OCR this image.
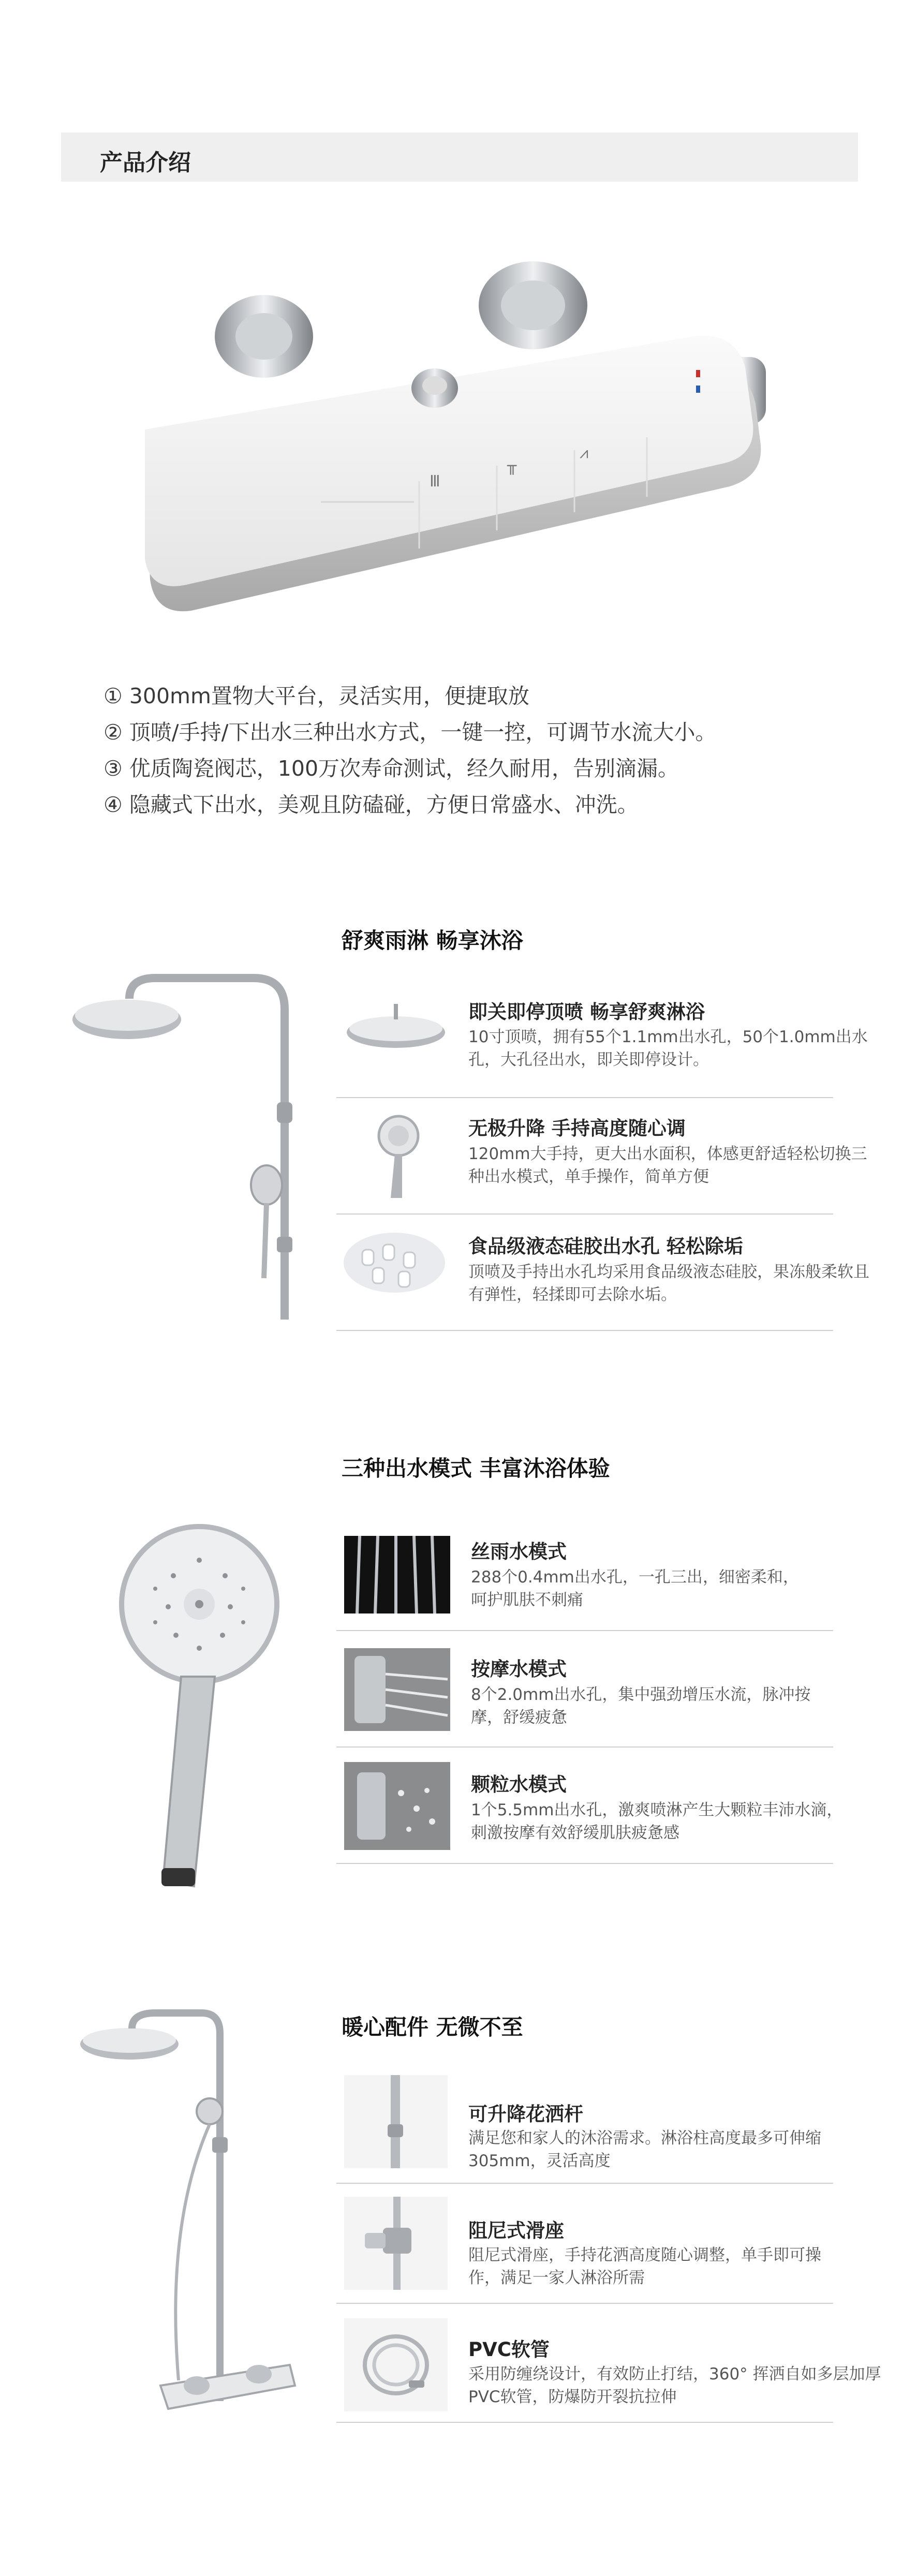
产品介绍
Ⅲ
╥
⩘
① 300mm置物大平台，灵活实用，便捷取放
② 顶喷/手持/下出水三种出水方式，一键一控，可调节水流大小。
③ 优质陶瓷阀芯，100万次寿命测试，经久耐用，告别滴漏。
④ 隐藏式下出水，美观且防磕碰，方便日常盛水、冲洗。
舒爽雨淋 畅享沐浴
即关即停顶喷 畅享舒爽淋浴
10寸顶喷，拥有55个1.1mm出水孔，50个1.0mm出水孔，大孔径出水，即关即停设计。
无极升降 手持高度随心调
120mm大手持，更大出水面积，体感更舒适轻松切换三种出水模式，单手操作，简单方便
食品级液态硅胶出水孔 轻松除垢
顶喷及手持出水孔均采用食品级液态硅胶，果冻般柔软且有弹性，轻揉即可去除水垢。
三种出水模式 丰富沐浴体验
丝雨水模式
288个0.4mm出水孔，一孔三出，细密柔和，呵护肌肤不刺痛
按摩水模式
8个2.0mm出水孔，集中强劲增压水流，脉冲按摩，舒缓疲惫
颗粒水模式
1个5.5mm出水孔，激爽喷淋产生大颗粒丰沛水滴，刺激按摩有效舒缓肌肤疲惫感
暖心配件 无微不至
可升降花洒杆
满足您和家人的沐浴需求。淋浴柱高度最多可伸缩305mm，灵活高度
阻尼式滑座
阻尼式滑座，手持花洒高度随心调整，单手即可操作，满足一家人淋浴所需
PVC软管
采用防缠绕设计，有效防止打结，360° 挥洒自如多层加厚PVC软管，防爆防开裂抗拉伸
